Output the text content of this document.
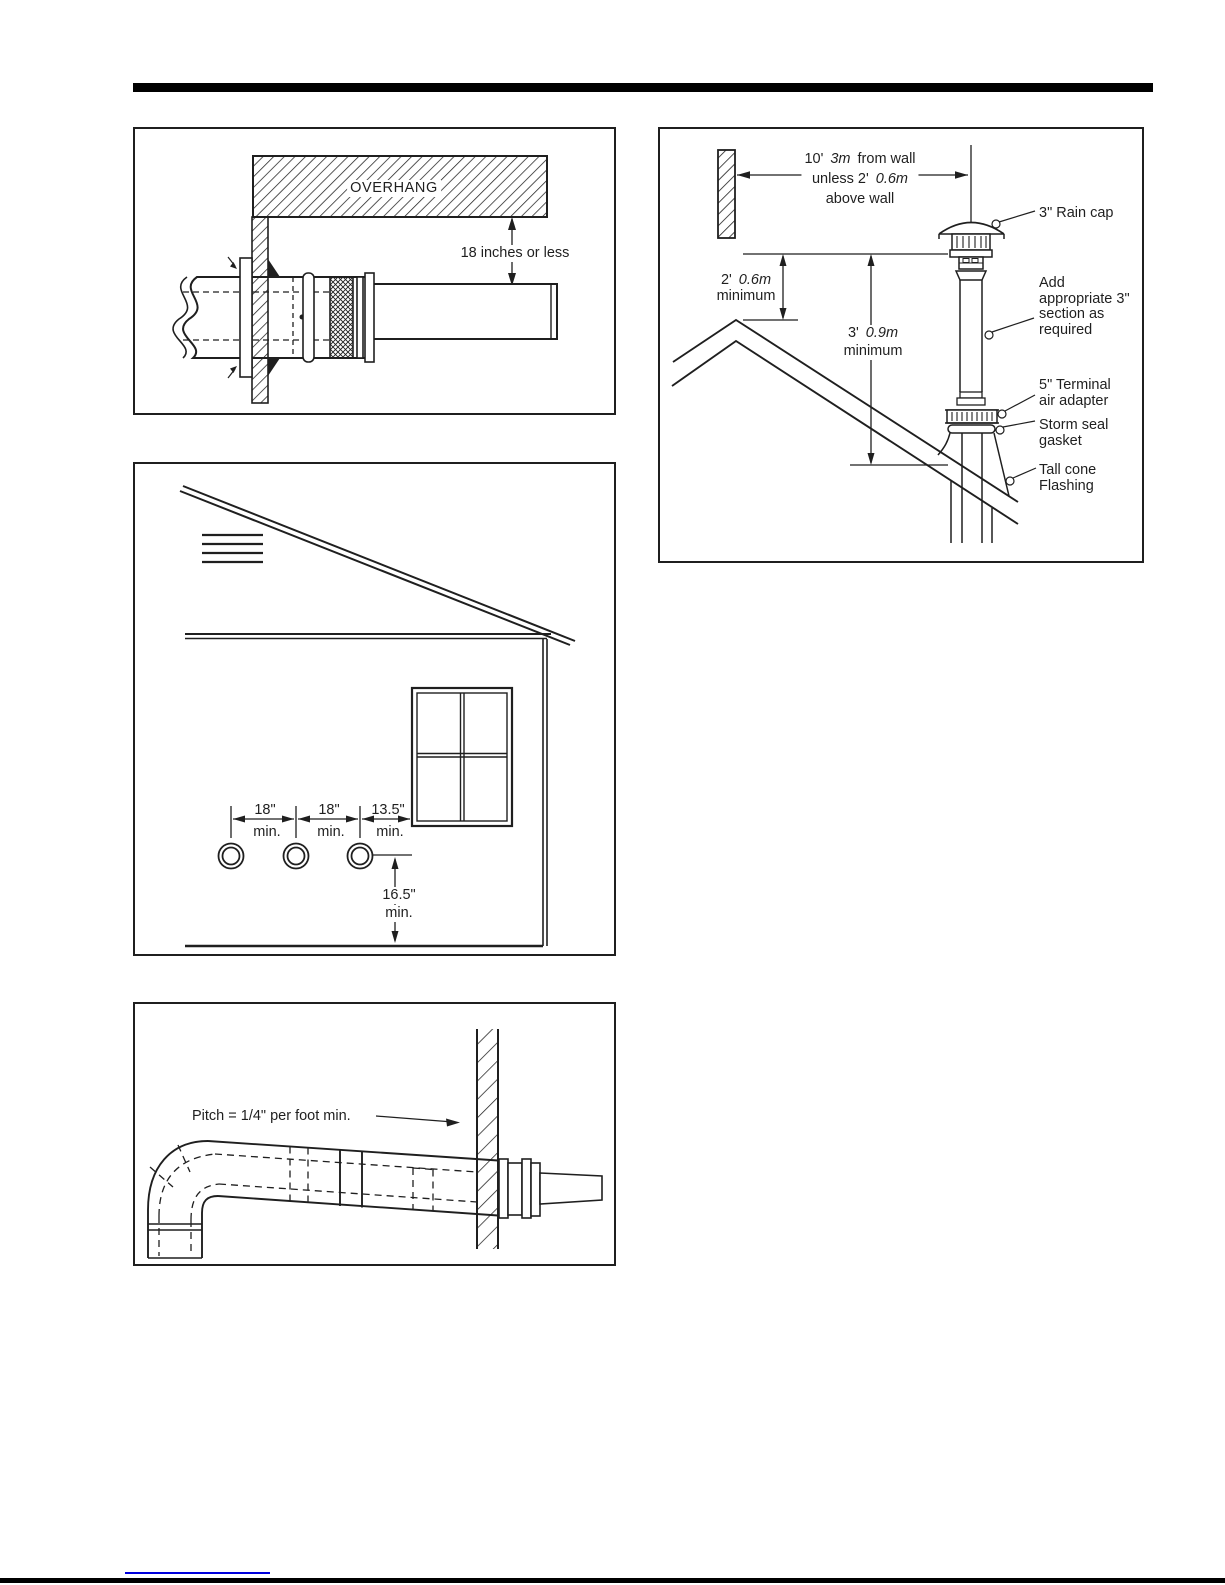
OVERHANG
18 inches or less
10' 3m from wall
unless 2' 0.6m
above wall
2' 0.6m
minimum
3' 0.9m
minimum
3" Rain cap
Add
appropriate 3"
section as
required
5" Terminal
air adapter
Storm seal
gasket
Tall cone
Flashing
18"
min.
18"
min.
13.5"
min.
16.5"
min.
Pitch = 1/4" per foot min.
